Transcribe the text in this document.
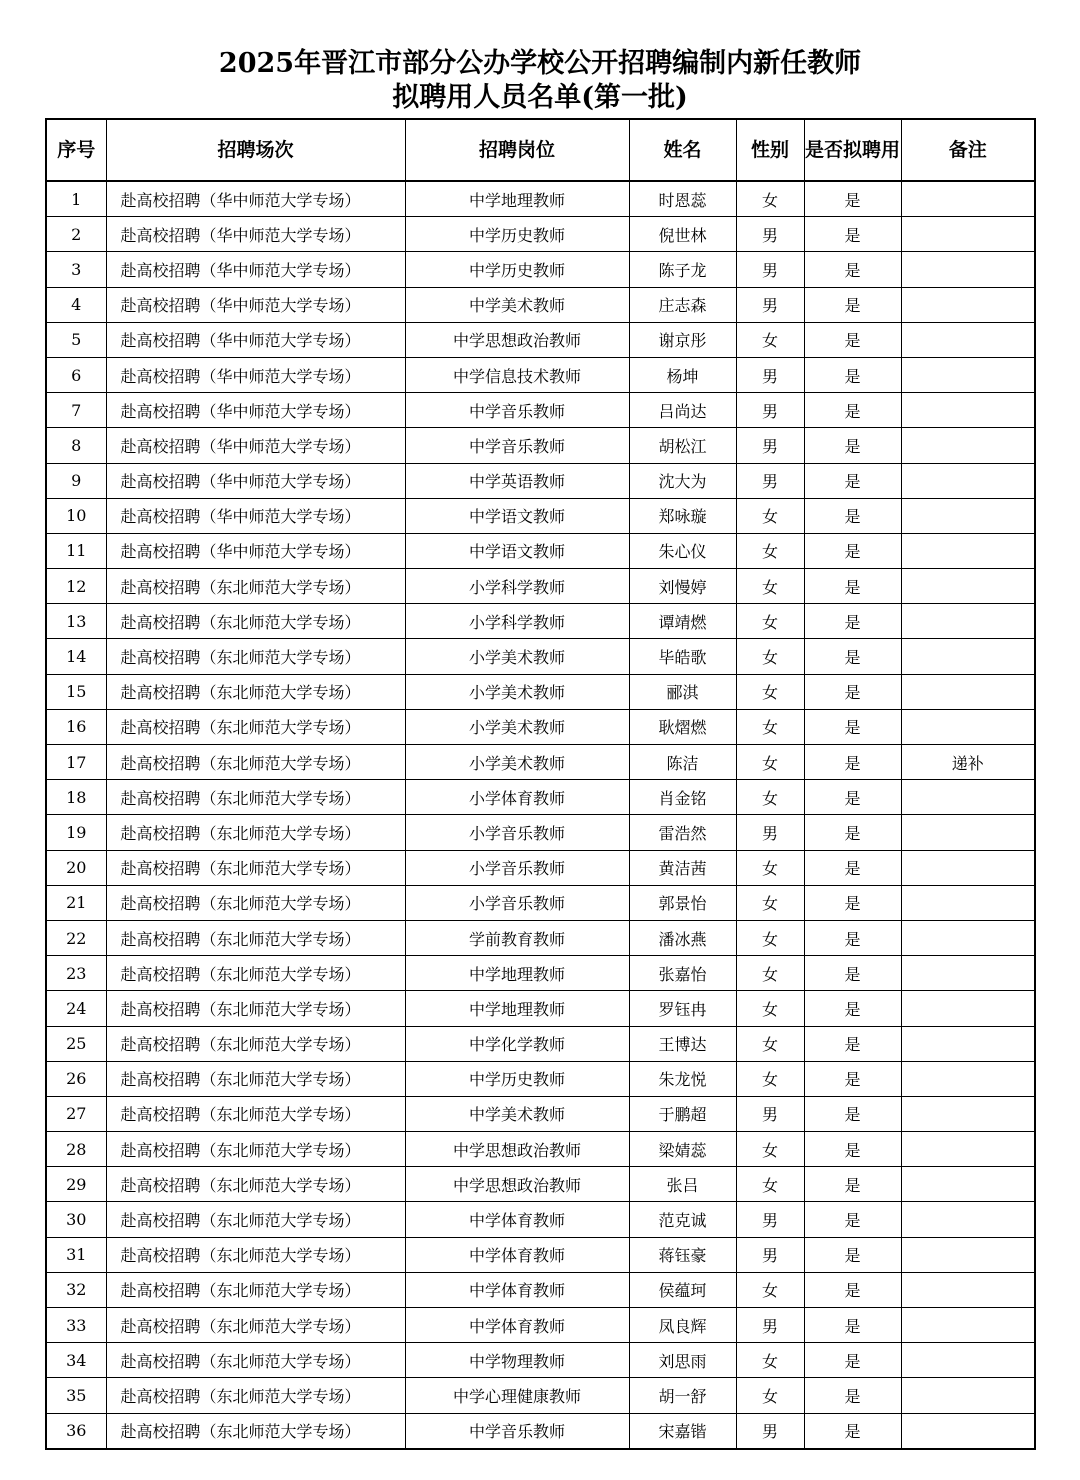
2025年晋江市部分公办学校公开招聘编制内新任教师
拟聘用人员名单(第一批)
序号	招聘场次	招聘岗位	姓名	性别	是否拟聘用	备注
1	赴高校招聘（华中师范大学专场）	中学地理教师	时恩蕊	女	是	
2	赴高校招聘（华中师范大学专场）	中学历史教师	倪世林	男	是	
3	赴高校招聘（华中师范大学专场）	中学历史教师	陈子龙	男	是	
4	赴高校招聘（华中师范大学专场）	中学美术教师	庄志森	男	是	
5	赴高校招聘（华中师范大学专场）	中学思想政治教师	谢京彤	女	是	
6	赴高校招聘（华中师范大学专场）	中学信息技术教师	杨坤	男	是	
7	赴高校招聘（华中师范大学专场）	中学音乐教师	吕尚达	男	是	
8	赴高校招聘（华中师范大学专场）	中学音乐教师	胡松江	男	是	
9	赴高校招聘（华中师范大学专场）	中学英语教师	沈大为	男	是	
10	赴高校招聘（华中师范大学专场）	中学语文教师	郑咏璇	女	是	
11	赴高校招聘（华中师范大学专场）	中学语文教师	朱心仪	女	是	
12	赴高校招聘（东北师范大学专场）	小学科学教师	刘慢婷	女	是	
13	赴高校招聘（东北师范大学专场）	小学科学教师	谭靖燃	女	是	
14	赴高校招聘（东北师范大学专场）	小学美术教师	毕皓歌	女	是	
15	赴高校招聘（东北师范大学专场）	小学美术教师	郦淇	女	是	
16	赴高校招聘（东北师范大学专场）	小学美术教师	耿熠燃	女	是	
17	赴高校招聘（东北师范大学专场）	小学美术教师	陈洁	女	是	递补
18	赴高校招聘（东北师范大学专场）	小学体育教师	肖金铭	女	是	
19	赴高校招聘（东北师范大学专场）	小学音乐教师	雷浩然	男	是	
20	赴高校招聘（东北师范大学专场）	小学音乐教师	黄洁茜	女	是	
21	赴高校招聘（东北师范大学专场）	小学音乐教师	郭景怡	女	是	
22	赴高校招聘（东北师范大学专场）	学前教育教师	潘冰燕	女	是	
23	赴高校招聘（东北师范大学专场）	中学地理教师	张嘉怡	女	是	
24	赴高校招聘（东北师范大学专场）	中学地理教师	罗钰冉	女	是	
25	赴高校招聘（东北师范大学专场）	中学化学教师	王博达	女	是	
26	赴高校招聘（东北师范大学专场）	中学历史教师	朱龙悦	女	是	
27	赴高校招聘（东北师范大学专场）	中学美术教师	于鹏超	男	是	
28	赴高校招聘（东北师范大学专场）	中学思想政治教师	梁婧蕊	女	是	
29	赴高校招聘（东北师范大学专场）	中学思想政治教师	张吕	女	是	
30	赴高校招聘（东北师范大学专场）	中学体育教师	范克诚	男	是	
31	赴高校招聘（东北师范大学专场）	中学体育教师	蒋钰豪	男	是	
32	赴高校招聘（东北师范大学专场）	中学体育教师	侯蕴珂	女	是	
33	赴高校招聘（东北师范大学专场）	中学体育教师	凤良辉	男	是	
34	赴高校招聘（东北师范大学专场）	中学物理教师	刘思雨	女	是	
35	赴高校招聘（东北师范大学专场）	中学心理健康教师	胡一舒	女	是	
36	赴高校招聘（东北师范大学专场）	中学音乐教师	宋嘉锴	男	是	
